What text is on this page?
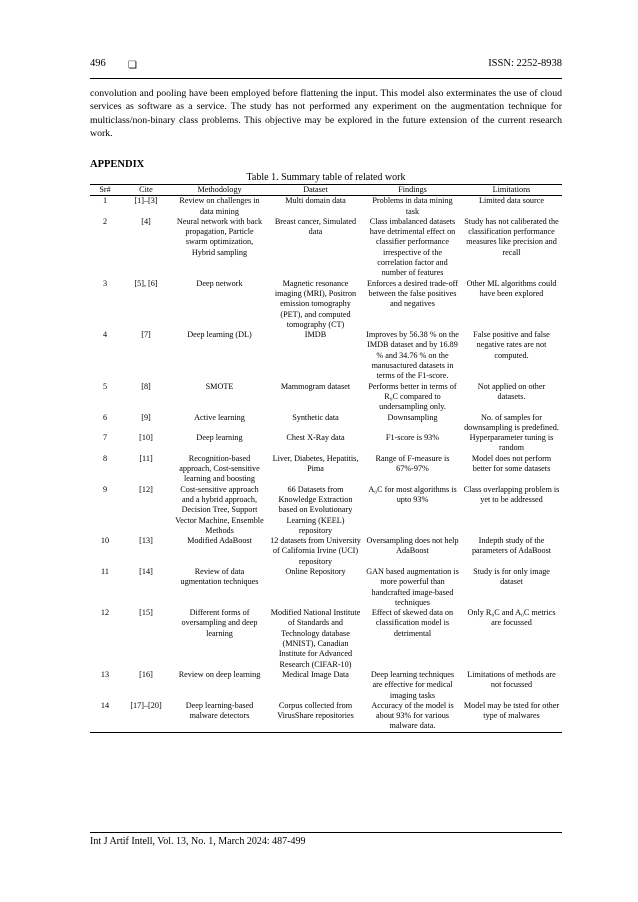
496 ❏	ISSN: 2252-8938
convolution and pooling have been employed before flattening the input. This model also exterminates the use of cloud services as software as a service. The study has not performed any experiment on the augmentation technique for multiclass/non-binary class problems. This objective may be explored in the future extension of the current research work.
APPENDIX
Table 1. Summary table of related work
Sr#	Cite	Methodology	Dataset	Findings	Limitations
1	[1]–[3]	Review on challenges in data mining	Multi domain data	Problems in data mining task	Limited data source
2	[4]	Neural network with back propagation, Particle swarm optimization, Hybrid sampling	Breast cancer, Simulated data	Class imbalanced datasets have detrimental effect on classifier performance irrespective of the correlation factor and number of features	Study has not caliberated the classification performance measures like precision and recall
3	[5], [6]	Deep network	Magnetic resonance imaging (MRI), Positron emission tomography (PET), and computed tomography (CT)	Enforces a desired trade-off between the false positives and negatives	Other ML algorithms could have been explored
4	[7]	Deep learning (DL)	IMDB	Improves by 56.38 % on the IMDB dataset and by 16.89 % and 34.76 % on the manusactured datasets in terms of the F1-score.	False positive and false negative rates are not computed.
5	[8]	SMOTE	Mammogram dataset	Performs better in terms of R₀C compared to undersampling only.	Not applied on other datasets.
6	[9]	Active learning	Synthetic data	Downsampling	No. of samples for downsampling is predefined.
7	[10]	Deep learning	Chest X-Ray data	F1-score is 93%	Hyperparameter tuning is random
8	[11]	Recognition-based approach, Cost-sensitive learning and boosting	Liver, Diabetes, Hepatitis, Pima	Range of F-measure is 67%-97%	Model does not perform better for some datasets
9	[12]	Cost-sensitive approach and a hybrid approach, Decision Tree, Support Vector Machine, Ensemble Methods	66 Datasets from Knowledge Extraction based on Evolutionary Learning (KEEL) repository	A₀C for most algorithms is upto 93%	Class overlapping problem is yet to be addressed
10	[13]	Modified AdaBoost	12 datasets from University of California Irvine (UCI) repository	Oversampling does not help AdaBoost	Indepth study of the parameters of AdaBoost
11	[14]	Review of data ugmentation techniques	Online Repository	GAN based augmentation is more powerful than handcrafted image-based techniques	Study is for only image dataset
12	[15]	Different forms of oversampling and deep learning	Modified National Institute of Standards and Technology database (MNIST), Canadian Institute for Advanced Research (CIFAR-10)	Effect of skewed data on classification model is detrimental	Only R₀C and A₀C metrics are focussed
13	[16]	Review on deep learning	Medical Image Data	Deep learning techniques are effective for medical imaging tasks	Limitations of methods are not focussed
14	[17]–[20]	Deep learning-based malware detectors	Corpus collected from VirusShare repositories	Accuracy of the model is about 93% for various malware data.	Model may be tsted for other type of malwares
Int J Artif Intell, Vol. 13, No. 1, March 2024: 487-499
